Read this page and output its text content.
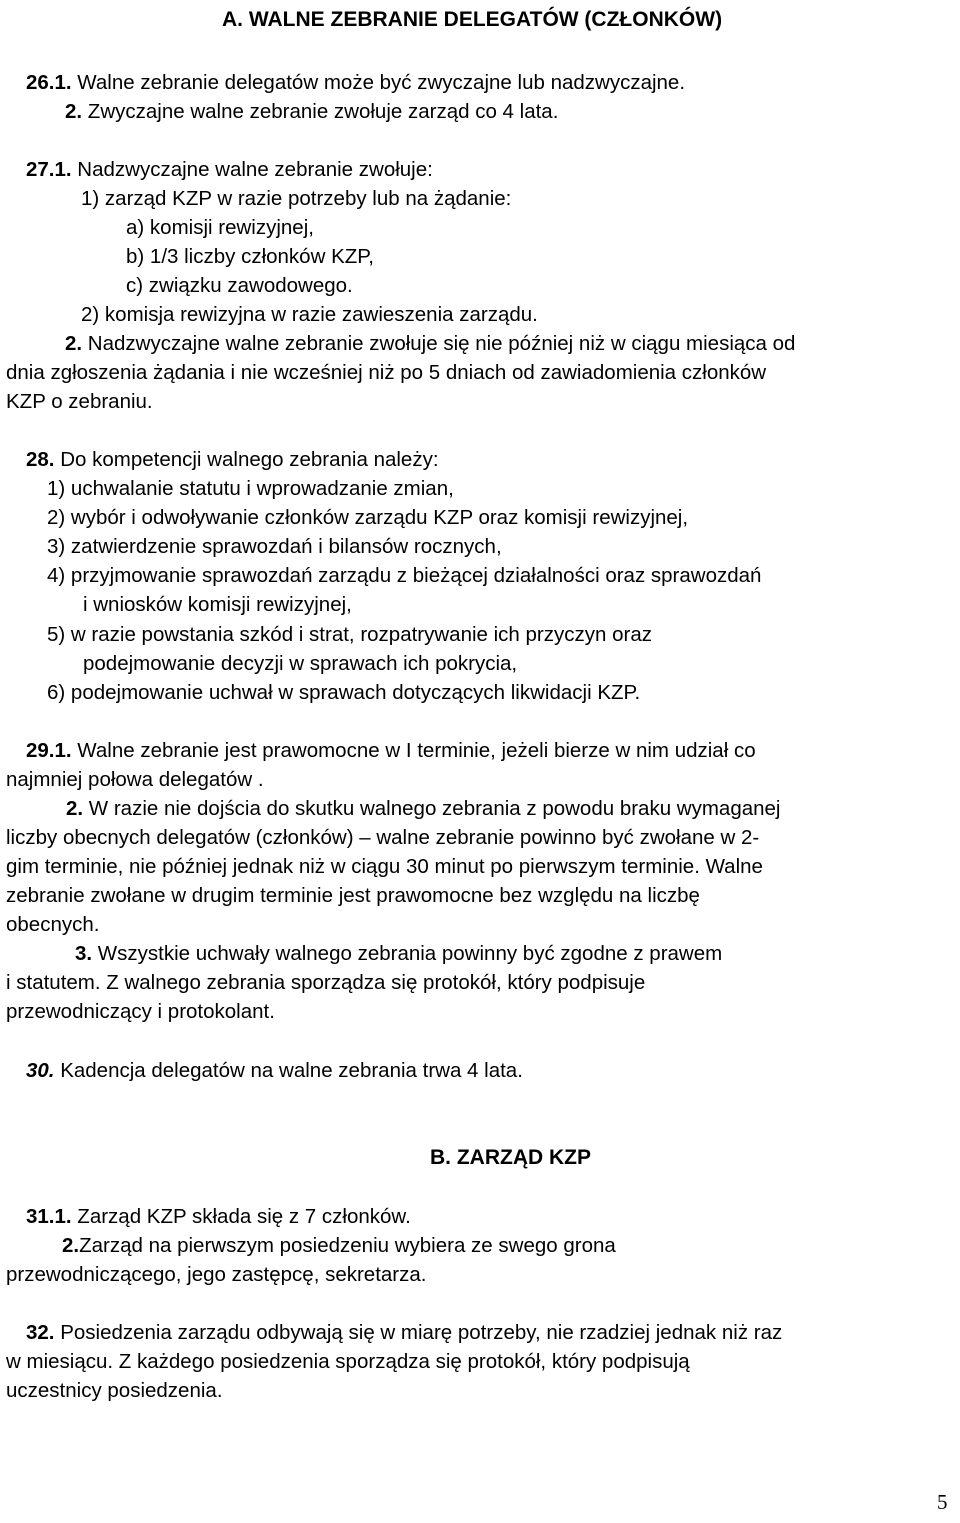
A. WALNE ZEBRANIE DELEGATÓW (CZŁONKÓW)
26.1. Walne zebranie delegatów może być zwyczajne lub nadzwyczajne.
2. Zwyczajne walne zebranie zwołuje zarząd co 4 lata.
27.1. Nadzwyczajne walne zebranie zwołuje:
1) zarząd KZP w razie potrzeby lub na żądanie:
a) komisji rewizyjnej,
b) 1/3 liczby członków KZP,
c) związku zawodowego.
2) komisja rewizyjna w razie zawieszenia zarządu.
2. Nadzwyczajne walne zebranie zwołuje się nie później niż w ciągu miesiąca od
dnia zgłoszenia żądania i nie wcześniej niż po 5 dniach od zawiadomienia członków
KZP o zebraniu.
28. Do kompetencji walnego zebrania należy:
1) uchwalanie statutu i wprowadzanie zmian,
2) wybór i odwoływanie członków zarządu KZP oraz komisji rewizyjnej,
3) zatwierdzenie sprawozdań i bilansów rocznych,
4) przyjmowanie sprawozdań zarządu z bieżącej działalności oraz sprawozdań
i wniosków komisji rewizyjnej,
5) w razie powstania szkód i strat, rozpatrywanie ich przyczyn oraz
podejmowanie decyzji w sprawach ich pokrycia,
6) podejmowanie uchwał w sprawach dotyczących likwidacji KZP.
29.1. Walne zebranie jest prawomocne w I terminie, jeżeli bierze w nim udział co
najmniej połowa delegatów .
2. W razie nie dojścia do skutku walnego zebrania z powodu braku wymaganej
liczby obecnych delegatów (członków) – walne zebranie powinno być zwołane w 2-
gim terminie, nie później jednak niż w ciągu 30 minut po pierwszym terminie. Walne
zebranie zwołane w drugim terminie jest prawomocne bez względu na liczbę
obecnych.
3. Wszystkie uchwały walnego zebrania powinny być zgodne z prawem
i statutem. Z walnego zebrania sporządza się protokół, który podpisuje
przewodniczący i protokolant.
30. Kadencja delegatów na walne zebrania trwa 4 lata.
B. ZARZĄD KZP
31.1. Zarząd KZP składa się z 7 członków.
2.Zarząd na pierwszym posiedzeniu wybiera ze swego grona
przewodniczącego, jego zastępcę, sekretarza.
32. Posiedzenia zarządu odbywają się w miarę potrzeby, nie rzadziej jednak niż raz
w miesiącu. Z każdego posiedzenia sporządza się protokół, który podpisują
uczestnicy posiedzenia.
5
